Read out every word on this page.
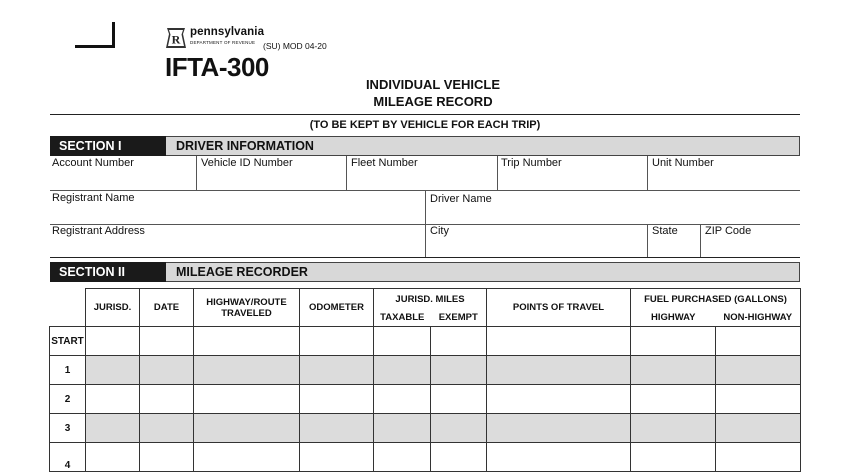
R
pennsylvania
DEPARTMENT OF REVENUE (SU) MOD 04-20
IFTA-300
INDIVIDUAL VEHICLE
MILEAGE RECORD
(TO BE KEPT BY VEHICLE FOR EACH TRIP)
SECTION I	DRIVER INFORMATION
Account Number	Vehicle ID Number	Fleet Number	Trip Number	Unit Number
Registrant Name	Driver Name
Registrant Address	City	State ZIP Code
SECTION II	MILEAGE RECORDER
	JURISD.	DATE	HIGHWAY/ROUTE TRAVELED	ODOMETER	JURISD. MILES		POINTS OF TRAVEL	FUEL PURCHASED (GALLONS)	
					TAXABLE	EXEMPT		HIGHWAY	NON-HIGHWAY
START									
1									
2									
3									
4									
